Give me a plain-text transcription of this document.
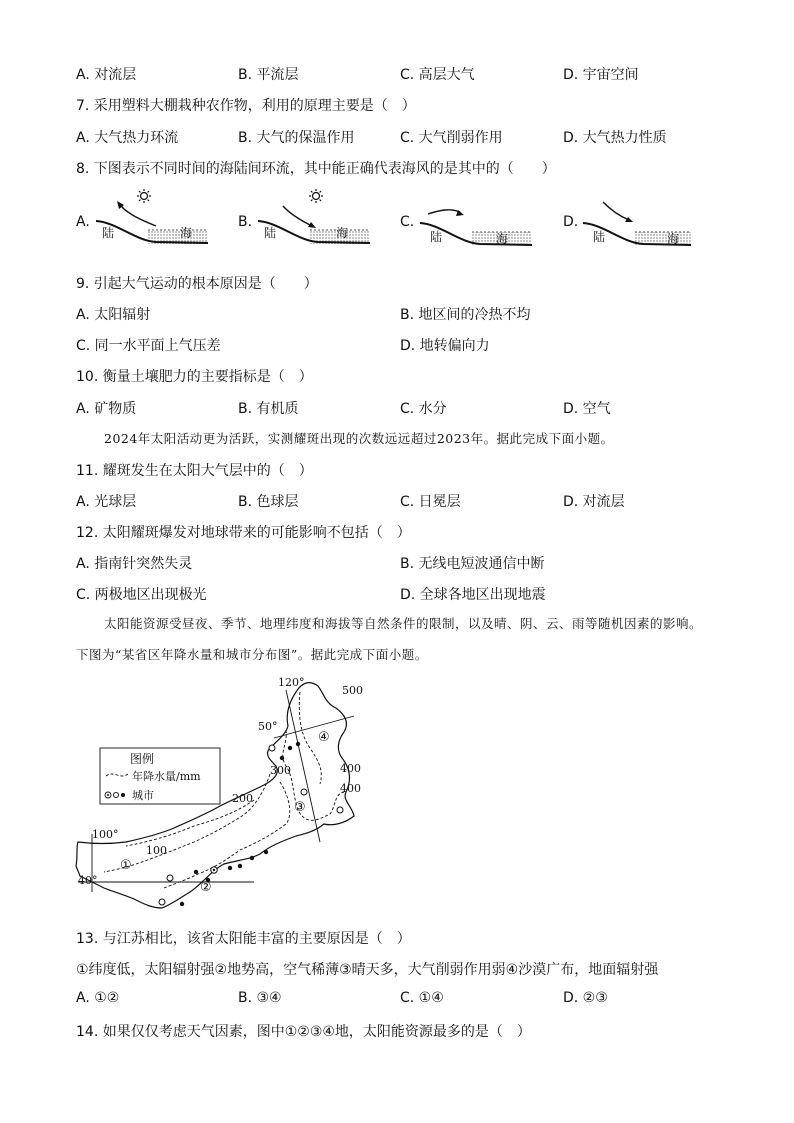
A. 对流层	B. 平流层	C. 高层大气	D. 宇宙空间
7. 采用塑料大棚栽种农作物，利用的原理主要是（　）
A. 大气热力环流	B. 大气的保温作用	C. 大气削弱作用	D. 大气热力性质
8. 下图表示不同时间的海陆间环流，其中能正确代表海风的是其中的（　　）
A.
陆	海
B.
陆	海
C.
陆	海
D.
陆	海
9. 引起大气运动的根本原因是（　　）
A. 太阳辐射	B. 地区间的冷热不均
C. 同一水平面上气压差	D. 地转偏向力
10. 衡量土壤肥力的主要指标是（　）
A. 矿物质	B. 有机质	C. 水分	D. 空气
2024年太阳活动更为活跃，实测耀斑出现的次数远远超过2023年。据此完成下面小题。
11. 耀斑发生在太阳大气层中的（　）
A. 光球层	B. 色球层	C. 日冕层	D. 对流层
12. 太阳耀斑爆发对地球带来的可能影响不包括（　）
A. 指南针突然失灵	B. 无线电短波通信中断
C. 两极地区出现极光	D. 全球各地区出现地震
太阳能资源受昼夜、季节、地理纬度和海拔等自然条件的限制，以及晴、阴、云、雨等随机因素的影响。下图为“某省区年降水量和城市分布图”。据此完成下面小题。
图例
年降水量/mm
城市
120°
100°
50°
40°
500
400
400
300
200
100
①
②
③
④
13. 与江苏相比，该省太阳能丰富的主要原因是（　）
①纬度低，太阳辐射强②地势高，空气稀薄③晴天多，大气削弱作用弱④沙漠广布，地面辐射强
A. ①②	B. ③④	C. ①④	D. ②③
14. 如果仅仅考虑天气因素，图中①②③④地，太阳能资源最多的是（　）
